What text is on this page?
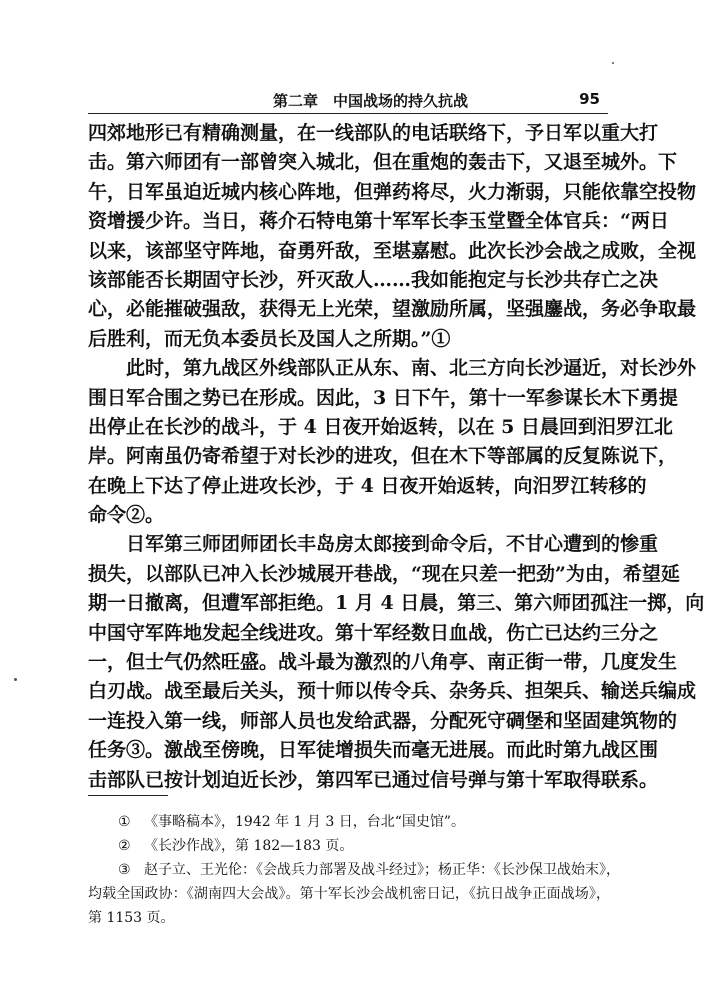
第二章　中国战场的持久抗战	95
四郊地形已有精确测量，在一线部队的电话联络下，予日军以重大打
击。第六师团有一部曾突入城北，但在重炮的轰击下，又退至城外。下
午，日军虽迫近城内核心阵地，但弹药将尽，火力渐弱，只能依靠空投物
资增援少许。当日，蒋介石特电第十军军长李玉堂暨全体官兵：“两日
以来，该部坚守阵地，奋勇歼敌，至堪嘉慰。此次长沙会战之成败，全视
该部能否长期固守长沙，歼灭敌人……我如能抱定与长沙共存亡之决
心，必能摧破强敌，获得无上光荣，望激励所属，坚强鏖战，务必争取最
后胜利，而无负本委员长及国人之所期。”①
此时，第九战区外线部队正从东、南、北三方向长沙逼近，对长沙外
围日军合围之势已在形成。因此，3 日下午，第十一军参谋长木下勇提
出停止在长沙的战斗，于 4 日夜开始返转，以在 5 日晨回到汨罗江北
岸。阿南虽仍寄希望于对长沙的进攻，但在木下等部属的反复陈说下，
在晚上下达了停止进攻长沙，于 4 日夜开始返转，向汨罗江转移的
命令②。
日军第三师团师团长丰岛房太郎接到命令后，不甘心遭到的惨重
损失，以部队已冲入长沙城展开巷战，“现在只差一把劲”为由，希望延
期一日撤离，但遭军部拒绝。1 月 4 日晨，第三、第六师团孤注一掷，向
中国守军阵地发起全线进攻。第十军经数日血战，伤亡已达约三分之
一，但士气仍然旺盛。战斗最为激烈的八角亭、南正街一带，几度发生
白刃战。战至最后关头，预十师以传令兵、杂务兵、担架兵、输送兵编成
一连投入第一线，师部人员也发给武器，分配死守碉堡和坚固建筑物的
任务③。激战至傍晚，日军徒增损失而毫无进展。而此时第九战区围
击部队已按计划迫近长沙，第四军已通过信号弹与第十军取得联系。
① 《事略稿本》，1942 年 1 月 3 日，台北“国史馆”。
② 《长沙作战》，第 182—183 页。
③ 赵子立、王光伦：《会战兵力部署及战斗经过》；杨正华：《长沙保卫战始末》，
均载全国政协：《湖南四大会战》。第十军长沙会战机密日记，《抗日战争正面战场》，
第 1153 页。
